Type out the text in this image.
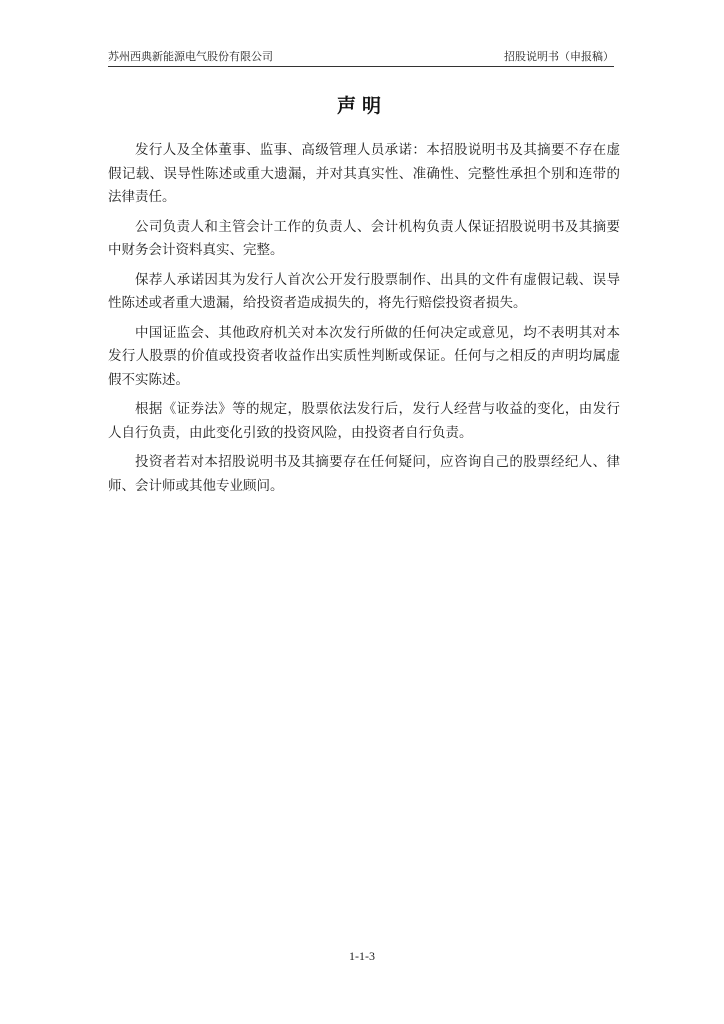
苏州西典新能源电气股份有限公司	招股说明书（申报稿）
声明

发行人及全体董事、监事、高级管理人员承诺：本招股说明书及其摘要不存在虚假记载、误导性陈述或重大遗漏，并对其真实性、准确性、完整性承担个别和连带的法律责任。

公司负责人和主管会计工作的负责人、会计机构负责人保证招股说明书及其摘要中财务会计资料真实、完整。

保荐人承诺因其为发行人首次公开发行股票制作、出具的文件有虚假记载、误导性陈述或者重大遗漏，给投资者造成损失的，将先行赔偿投资者损失。

中国证监会、其他政府机关对本次发行所做的任何决定或意见，均不表明其对本发行人股票的价值或投资者收益作出实质性判断或保证。任何与之相反的声明均属虚假不实陈述。

根据《证券法》等的规定，股票依法发行后，发行人经营与收益的变化，由发行人自行负责，由此变化引致的投资风险，由投资者自行负责。

投资者若对本招股说明书及其摘要存在任何疑问，应咨询自己的股票经纪人、律师、会计师或其他专业顾问。

1-1-3
